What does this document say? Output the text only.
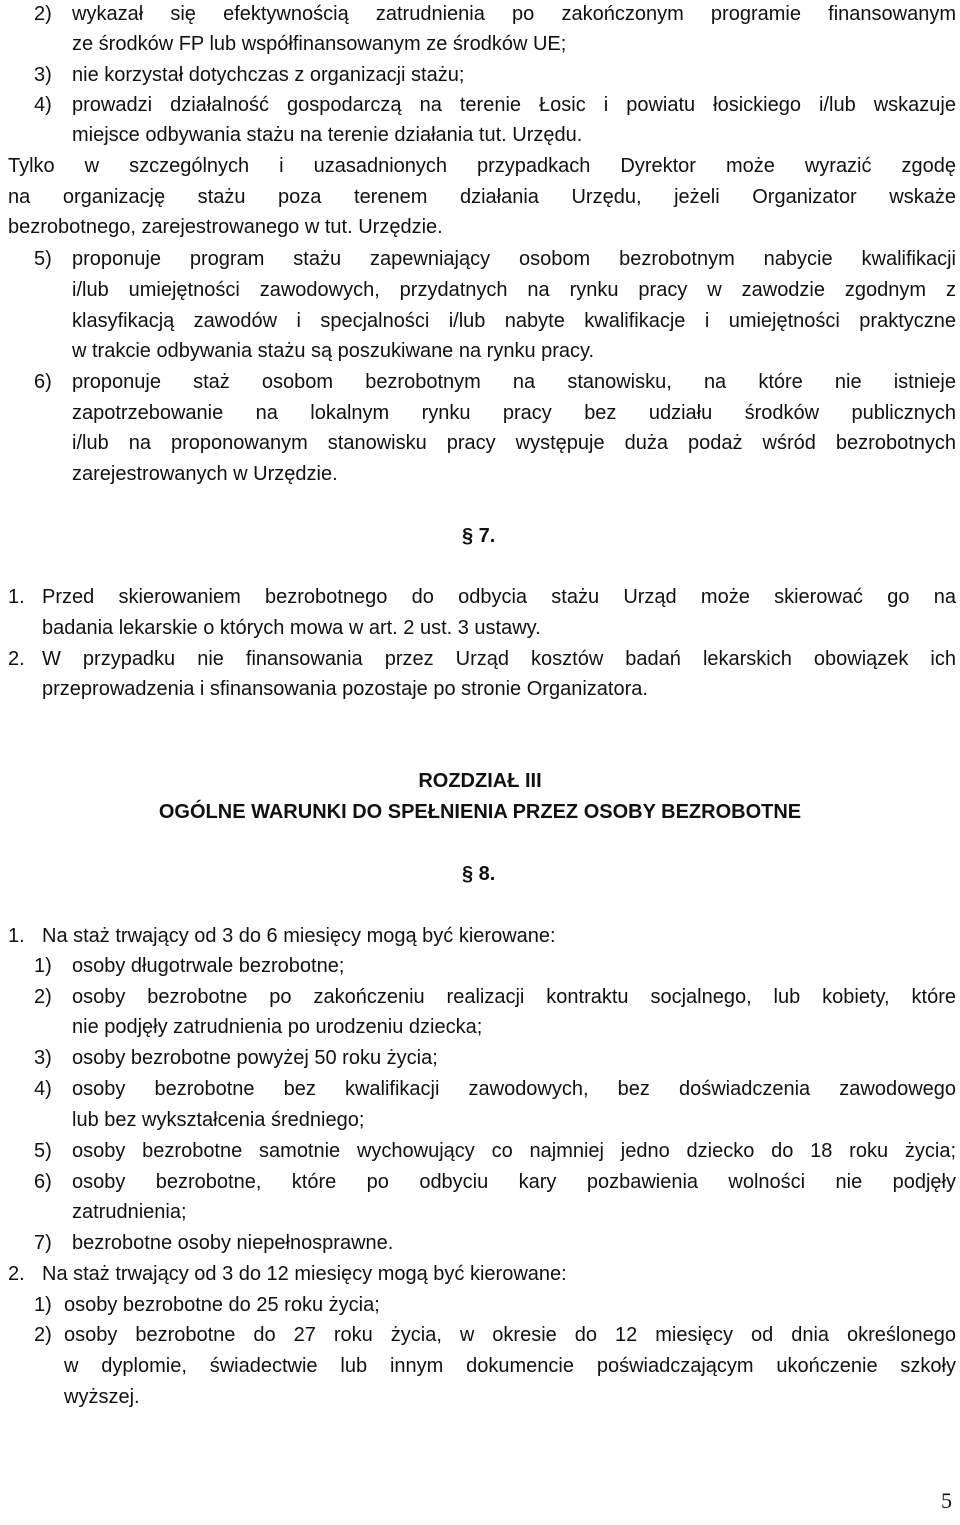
2) wykazał się efektywnością zatrudnienia po zakończonym programie finansowanym
ze środków FP lub współfinansowanym ze środków UE;
3) nie korzystał dotychczas z organizacji stażu;
4) prowadzi działalność gospodarczą na terenie Łosic i powiatu łosickiego i/lub wskazuje
miejsce odbywania stażu na terenie działania tut. Urzędu.
Tylko w szczególnych i uzasadnionych przypadkach Dyrektor może wyrazić zgodę
na organizację stażu poza terenem działania Urzędu, jeżeli Organizator wskaże
bezrobotnego, zarejestrowanego w tut. Urzędzie.
5) proponuje program stażu zapewniający osobom bezrobotnym nabycie kwalifikacji
i/lub umiejętności zawodowych, przydatnych na rynku pracy w zawodzie zgodnym z
klasyfikacją zawodów i specjalności i/lub nabyte kwalifikacje i umiejętności praktyczne
w trakcie odbywania stażu są poszukiwane na rynku pracy.
6) proponuje staż osobom bezrobotnym na stanowisku, na które nie istnieje
zapotrzebowanie na lokalnym rynku pracy bez udziału środków publicznych
i/lub na proponowanym stanowisku pracy występuje duża podaż wśród bezrobotnych
zarejestrowanych w Urzędzie.
§ 7.
1. Przed skierowaniem bezrobotnego do odbycia stażu Urząd może skierować go na
badania lekarskie o których mowa w art. 2 ust. 3 ustawy.
2. W przypadku nie finansowania przez Urząd kosztów badań lekarskich obowiązek ich
przeprowadzenia i sfinansowania pozostaje po stronie Organizatora.
ROZDZIAŁ III
OGÓLNE WARUNKI DO SPEŁNIENIA PRZEZ OSOBY BEZROBOTNE
§ 8.
1. Na staż trwający od 3 do 6 miesięcy mogą być kierowane:
1) osoby długotrwale bezrobotne;
2) osoby bezrobotne po zakończeniu realizacji kontraktu socjalnego, lub kobiety, które
nie podjęły zatrudnienia po urodzeniu dziecka;
3) osoby bezrobotne powyżej 50 roku życia;
4) osoby bezrobotne bez kwalifikacji zawodowych, bez doświadczenia zawodowego
lub bez wykształcenia średniego;
5) osoby bezrobotne samotnie wychowujący co najmniej jedno dziecko do 18 roku życia;
6) osoby bezrobotne, które po odbyciu kary pozbawienia wolności nie podjęły
zatrudnienia;
7) bezrobotne osoby niepełnosprawne.
2. Na staż trwający od 3 do 12 miesięcy mogą być kierowane:
1) osoby bezrobotne do 25 roku życia;
2) osoby bezrobotne do 27 roku życia, w okresie do 12 miesięcy od dnia określonego
w dyplomie, świadectwie lub innym dokumencie poświadczającym ukończenie szkoły
wyższej.
5
